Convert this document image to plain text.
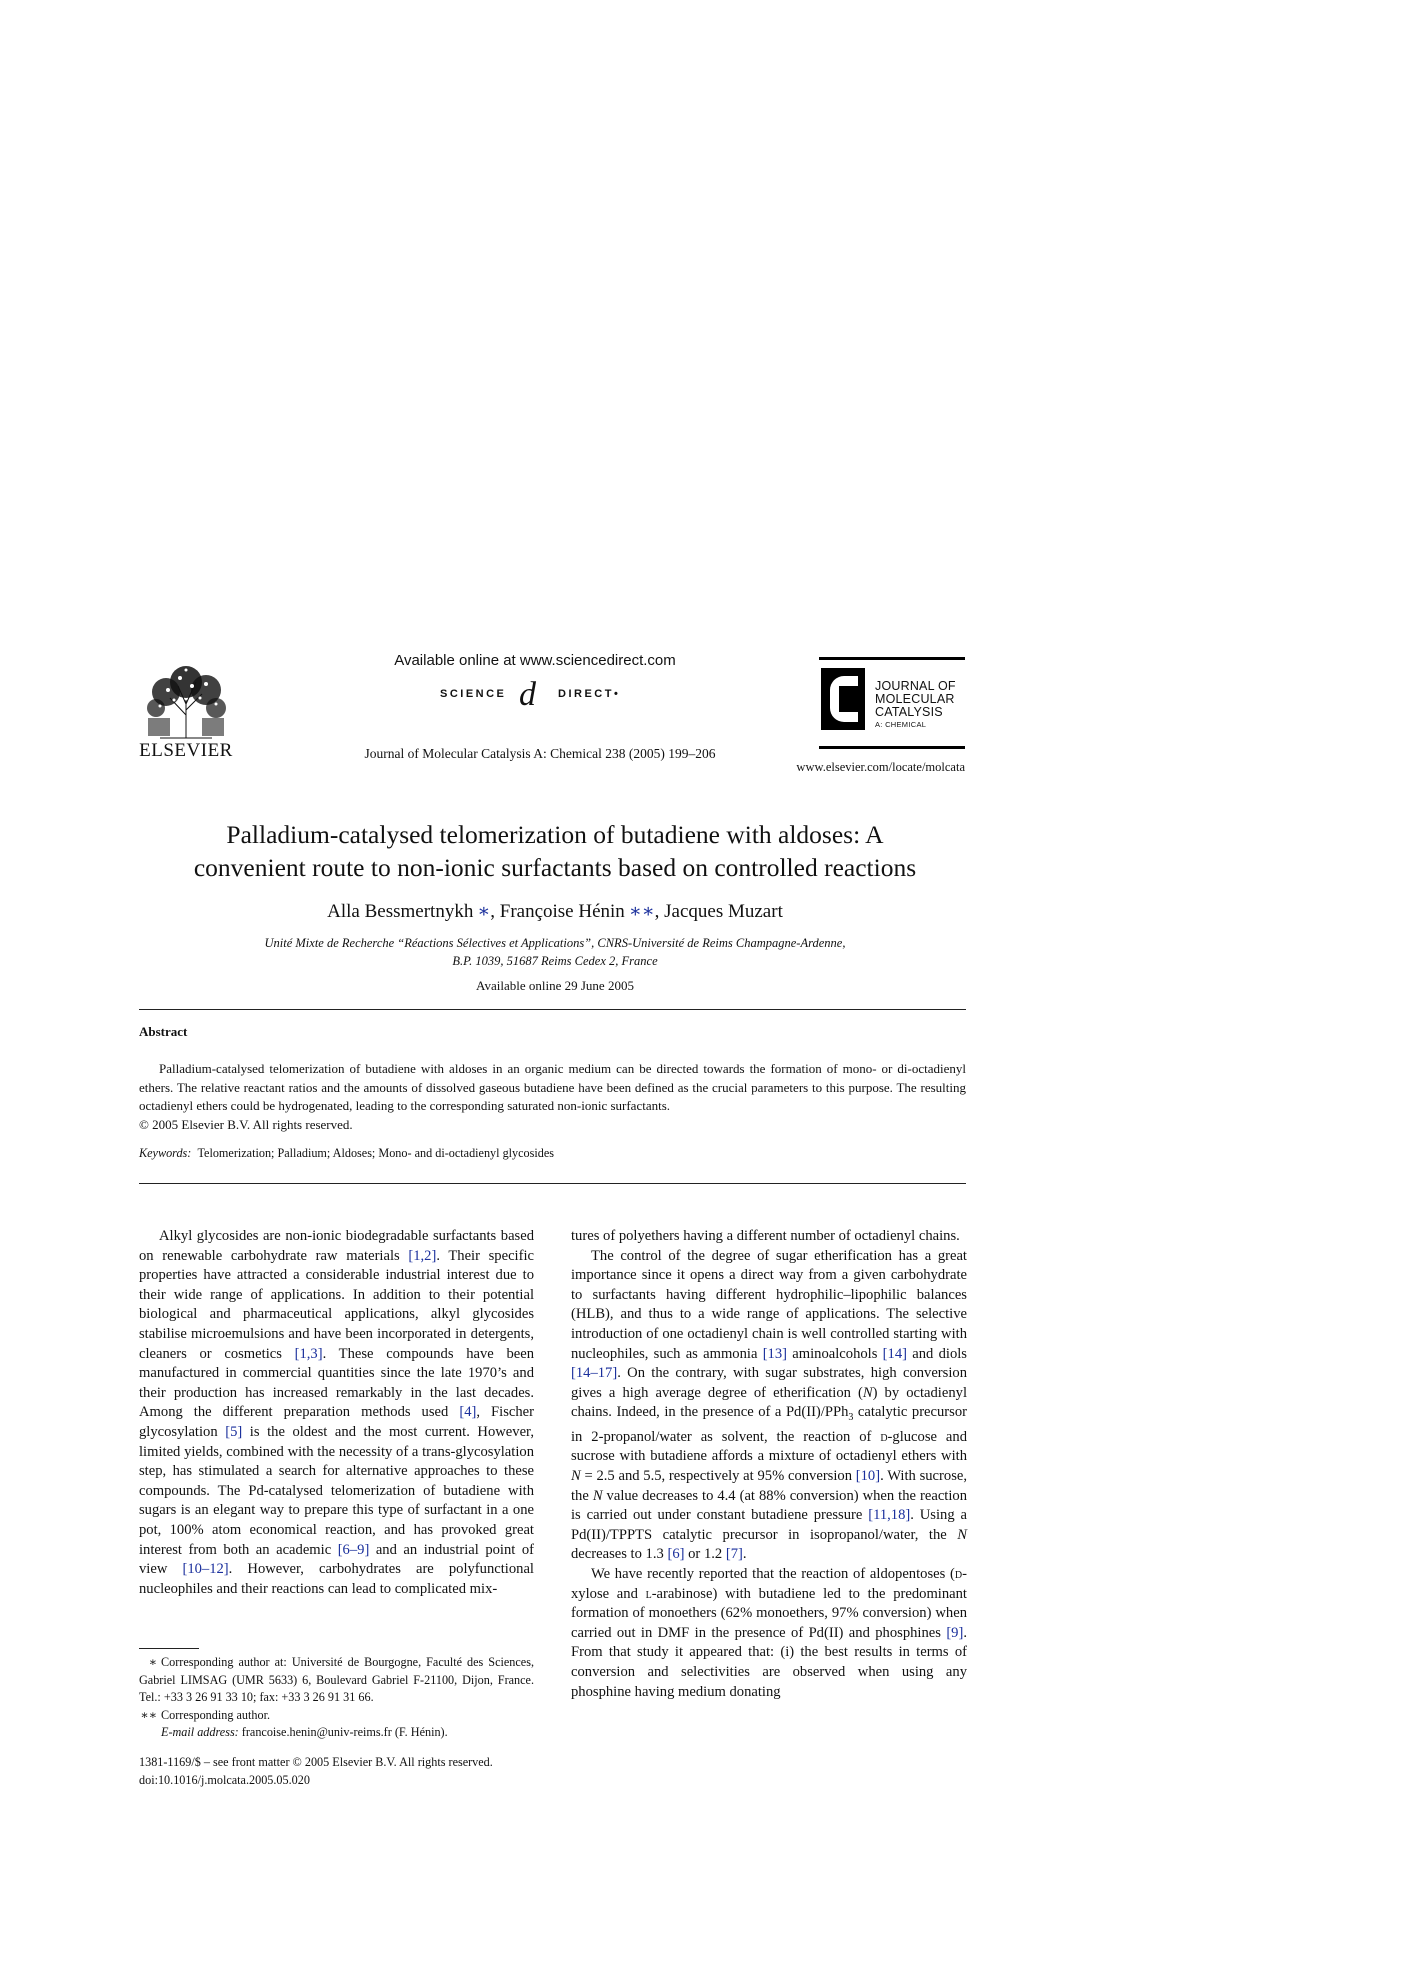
ELSEVIER
Available online at www.sciencedirect.com
SCIENCE d DIRECT•
Journal of Molecular Catalysis A: Chemical 238 (2005) 199–206
JOURNAL OF
MOLECULAR
CATALYSIS
A: CHEMICAL
www.elsevier.com/locate/molcata
Palladium-catalysed telomerization of butadiene with aldoses: A
convenient route to non-ionic surfactants based on controlled reactions
Alla Bessmertnykh ∗, Françoise Hénin ∗∗, Jacques Muzart
Unité Mixte de Recherche “Réactions Sélectives et Applications”, CNRS-Université de Reims Champagne-Ardenne,
B.P. 1039, 51687 Reims Cedex 2, France
Available online 29 June 2005
Abstract

Palladium-catalysed telomerization of butadiene with aldoses in an organic medium can be directed towards the formation of mono- or di-octadienyl ethers. The relative reactant ratios and the amounts of dissolved gaseous butadiene have been defined as the crucial parameters to this purpose. The resulting octadienyl ethers could be hydrogenated, leading to the corresponding saturated non-ionic surfactants.

© 2005 Elsevier B.V. All rights reserved.

Keywords: Telomerization; Palladium; Aldoses; Mono- and di-octadienyl glycosides

Alkyl glycosides are non-ionic biodegradable surfactants based on renewable carbohydrate raw materials [1,2]. Their specific properties have attracted a considerable industrial interest due to their wide range of applications. In addition to their potential biological and pharmaceutical applications, alkyl glycosides stabilise microemulsions and have been incorporated in detergents, cleaners or cosmetics [1,3]. These compounds have been manufactured in commercial quantities since the late 1970’s and their production has increased remarkably in the last decades. Among the different preparation methods used [4], Fischer glycosylation [5] is the oldest and the most current. However, limited yields, combined with the necessity of a trans-glycosylation step, has stimulated a search for alternative approaches to these compounds. The Pd-catalysed telomerization of butadiene with sugars is an elegant way to prepare this type of surfactant in a one pot, 100% atom economical reaction, and has provoked great interest from both an academic [6–9] and an industrial point of view [10–12]. However, carbohydrates are polyfunctional nucleophiles and their reactions can lead to complicated mix-

∗ Corresponding author at: Université de Bourgogne, Faculté des Sciences, Gabriel LIMSAG (UMR 5633) 6, Boulevard Gabriel F-21100, Dijon, France. Tel.: +33 3 26 91 33 10; fax: +33 3 26 91 31 66.

∗∗ Corresponding author.

E-mail address: francoise.henin@univ-reims.fr (F. Hénin).

1381-1169/$ – see front matter © 2005 Elsevier B.V. All rights reserved.
doi:10.1016/j.molcata.2005.05.020

tures of polyethers having a different number of octadienyl chains.

The control of the degree of sugar etherification has a great importance since it opens a direct way from a given carbohydrate to surfactants having different hydrophilic–lipophilic balances (HLB), and thus to a wide range of applications. The selective introduction of one octadienyl chain is well controlled starting with nucleophiles, such as ammonia [13] aminoalcohols [14] and diols [14–17]. On the contrary, with sugar substrates, high conversion gives a high average degree of etherification (N) by octadienyl chains. Indeed, in the presence of a Pd(II)/PPh$_3$ catalytic precursor in 2-propanol/water as solvent, the reaction of d-glucose and sucrose with butadiene affords a mixture of octadienyl ethers with N = 2.5 and 5.5, respectively at 95% conversion [10]. With sucrose, the N value decreases to 4.4 (at 88% conversion) when the reaction is carried out under constant butadiene pressure [11,18]. Using a Pd(II)/TPPTS catalytic precursor in isopropanol/water, the N decreases to 1.3 [6] or 1.2 [7].

We have recently reported that the reaction of aldopentoses (d-xylose and l-arabinose) with butadiene led to the predominant formation of monoethers (62% monoethers, 97% conversion) when carried out in DMF in the presence of Pd(II) and phosphines [9]. From that study it appeared that: (i) the best results in terms of conversion and selectivities are observed when using any phosphine having medium donating
